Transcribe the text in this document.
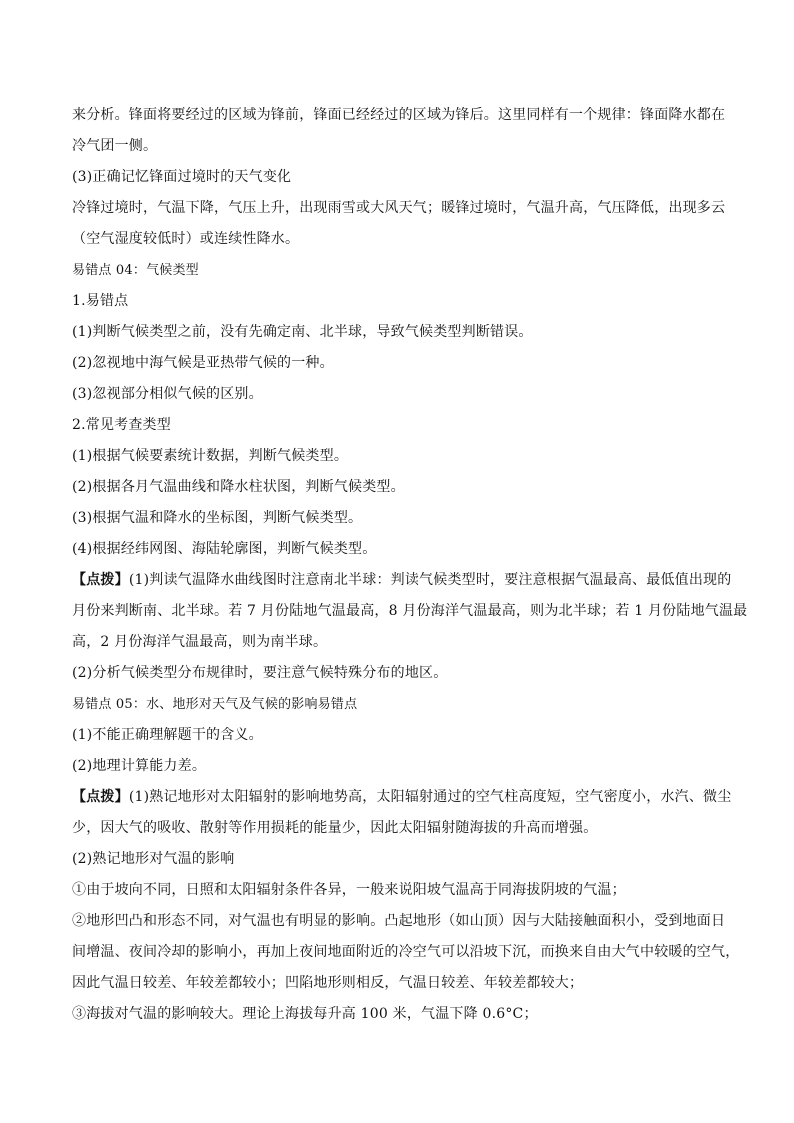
来分析。锋面将要经过的区域为锋前，锋面已经经过的区域为锋后。这里同样有一个规律：锋面降水都在
冷气团一侧。
(3)正确记忆锋面过境时的天气变化
冷锋过境时，气温下降，气压上升，出现雨雪或大风天气；暖锋过境时，气温升高，气压降低，出现多云
（空气湿度较低时）或连续性降水。
易错点 04：气候类型
1.易错点
(1)判断气候类型之前，没有先确定南、北半球，导致气候类型判断错误。
(2)忽视地中海气候是亚热带气候的一种。
(3)忽视部分相似气候的区别。
2.常见考查类型
(1)根据气候要素统计数据，判断气候类型。
(2)根据各月气温曲线和降水柱状图，判断气候类型。
(3)根据气温和降水的坐标图，判断气候类型。
(4)根据经纬网图、海陆轮廓图，判断气候类型。
【点拨】(1)判读气温降水曲线图时注意南北半球：判读气候类型时，要注意根据气温最高、最低值出现的
月份来判断南、北半球。若 7 月份陆地气温最高，8 月份海洋气温最高，则为北半球；若 1 月份陆地气温最
高，2 月份海洋气温最高，则为南半球。
(2)分析气候类型分布规律时，要注意气候特殊分布的地区。
易错点 05：水、地形对天气及气候的影响易错点
(1)不能正确理解题干的含义。
(2)地理计算能力差。
【点拨】(1)熟记地形对太阳辐射的影响地势高，太阳辐射通过的空气柱高度短，空气密度小，水汽、微尘
少，因大气的吸收、散射等作用损耗的能量少，因此太阳辐射随海拔的升高而增强。
(2)熟记地形对气温的影响
①由于坡向不同，日照和太阳辐射条件各异，一般来说阳坡气温高于同海拔阴坡的气温；
②地形凹凸和形态不同，对气温也有明显的影响。凸起地形（如山顶）因与大陆接触面积小，受到地面日
间增温、夜间冷却的影响小，再加上夜间地面附近的冷空气可以沿坡下沉，而换来自由大气中较暖的空气，
因此气温日较差、年较差都较小；凹陷地形则相反，气温日较差、年较差都较大；
③海拔对气温的影响较大。理论上海拔每升高 100 米，气温下降 0.6°C；
